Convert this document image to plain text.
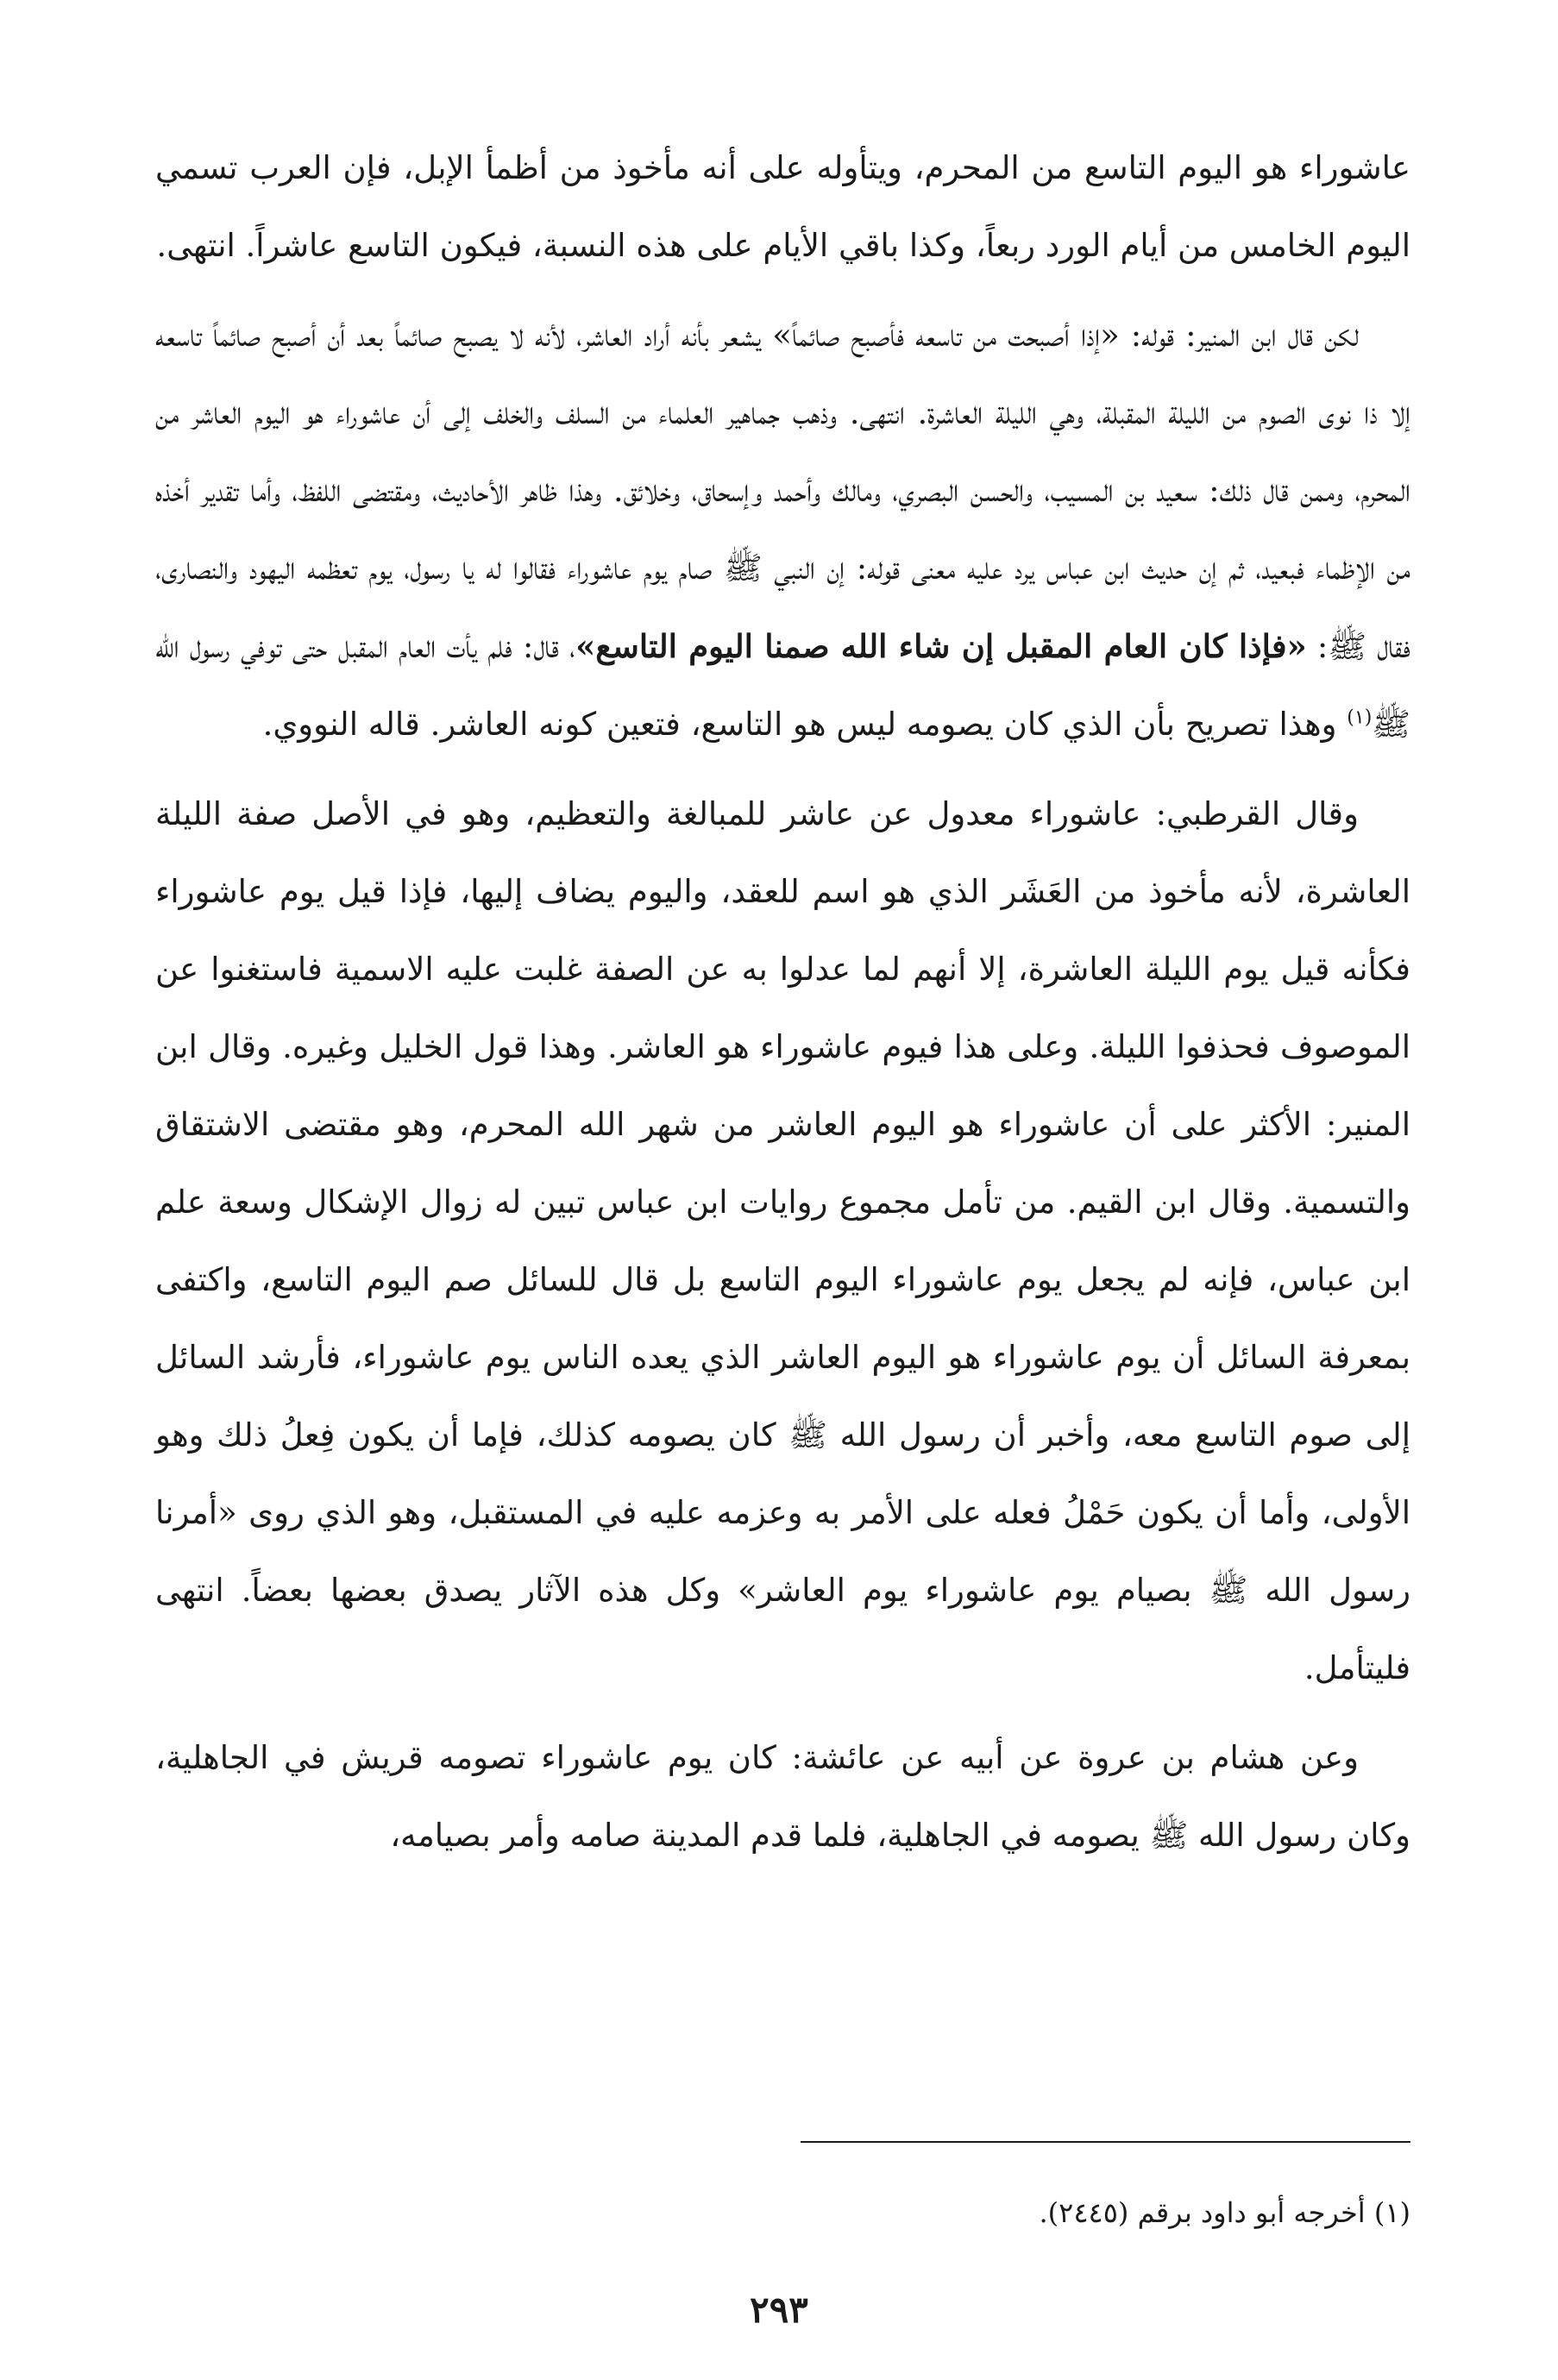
عاشوراء هو اليوم التاسع من المحرم، ويتأوله على أنه مأخوذ من أظمأ الإبل، فإن العرب تسمي اليوم الخامس من أيام الورد ربعاً، وكذا باقي الأيام على هذه النسبة، فيكون التاسع عاشراً. انتهى.

لكن قال ابن المنير: قوله: «إذا أصبحت من تاسعه فأصبح صائماً» يشعر بأنه أراد العاشر، لأنه لا يصبح صائماً بعد أن أصبح صائماً تاسعه إلا ذا نوى الصوم من الليلة المقبلة، وهي الليلة العاشرة. انتهى. وذهب جماهير العلماء من السلف والخلف إلى أن عاشوراء هو اليوم العاشر من المحرم، وممن قال ذلك: سعيد بن المسيب، والحسن البصري، ومالك وأحمد وإسحاق، وخلائق. وهذا ظاهر الأحاديث، ومقتضى اللفظ، وأما تقدير أخذه من الإظماء فبعيد، ثم إن حديث ابن عباس يرد عليه معنى قوله: إن النبي ﷺ صام يوم عاشوراء فقالوا له يا رسول، يوم تعظمه اليهود والنصارى، فقال ﷺ: «فإذا كان العام المقبل إن شاء الله صمنا اليوم التاسع»، قال: فلم يأت العام المقبل حتى توفي رسول الله ﷺ$^{(١)}$ وهذا تصريح بأن الذي كان يصومه ليس هو التاسع، فتعين كونه العاشر. قاله النووي.

وقال القرطبي: عاشوراء معدول عن عاشر للمبالغة والتعظيم، وهو في الأصل صفة الليلة العاشرة، لأنه مأخوذ من العَشَر الذي هو اسم للعقد، واليوم يضاف إليها، فإذا قيل يوم عاشوراء فكأنه قيل يوم الليلة العاشرة، إلا أنهم لما عدلوا به عن الصفة غلبت عليه الاسمية فاستغنوا عن الموصوف فحذفوا الليلة. وعلى هذا فيوم عاشوراء هو العاشر. وهذا قول الخليل وغيره. وقال ابن المنير: الأكثر على أن عاشوراء هو اليوم العاشر من شهر الله المحرم، وهو مقتضى الاشتقاق والتسمية. وقال ابن القيم. من تأمل مجموع روايات ابن عباس تبين له زوال الإشكال وسعة علم ابن عباس، فإنه لم يجعل يوم عاشوراء اليوم التاسع بل قال للسائل صم اليوم التاسع، واكتفى بمعرفة السائل أن يوم عاشوراء هو اليوم العاشر الذي يعده الناس يوم عاشوراء، فأرشد السائل إلى صوم التاسع معه، وأخبر أن رسول الله ﷺ كان يصومه كذلك، فإما أن يكون فِعلُ ذلك وهو الأولى، وأما أن يكون حَمْلُ فعله على الأمر به وعزمه عليه في المستقبل، وهو الذي روى «أمرنا رسول الله ﷺ بصيام يوم عاشوراء يوم العاشر» وكل هذه الآثار يصدق بعضها بعضاً. انتهى فليتأمل.

وعن هشام بن عروة عن أبيه عن عائشة: كان يوم عاشوراء تصومه قريش في الجاهلية، وكان رسول الله ﷺ يصومه في الجاهلية، فلما قدم المدينة صامه وأمر بصيامه،

(١) أخرجه أبو داود برقم (٢٤٤٥).
٢٩٣
